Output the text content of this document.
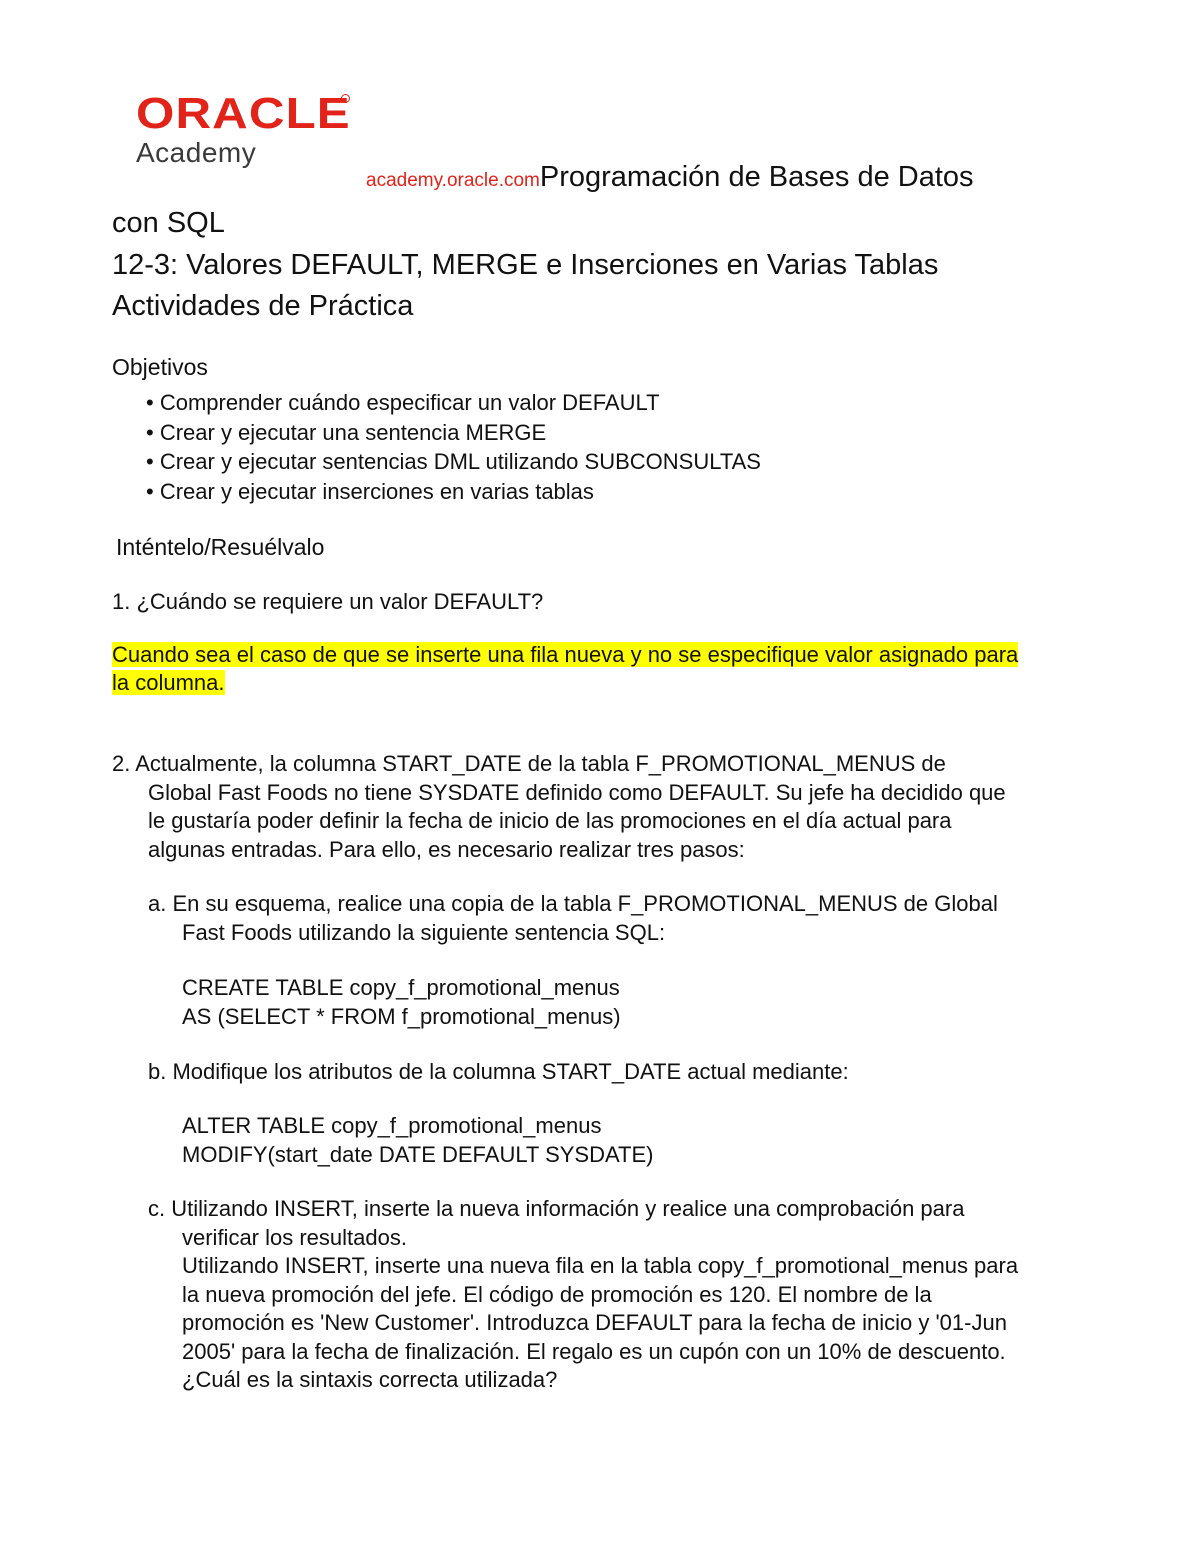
ORACLE
Academy
academy.oracle.comProgramación de Bases de Datos
con SQL
12-3: Valores DEFAULT, MERGE e Inserciones en Varias Tablas
Actividades de Práctica
Objetivos
• Comprender cuándo especificar un valor DEFAULT
• Crear y ejecutar una sentencia MERGE
• Crear y ejecutar sentencias DML utilizando SUBCONSULTAS
• Crear y ejecutar inserciones en varias tablas
Inténtelo/Resuélvalo
1. ¿Cuándo se requiere un valor DEFAULT?
Cuando sea el caso de que se inserte una fila nueva y no se especifique valor asignado para
la columna.
2. Actualmente, la columna START_DATE de la tabla F_PROMOTIONAL_MENUS de
Global Fast Foods no tiene SYSDATE definido como DEFAULT. Su jefe ha decidido que
le gustaría poder definir la fecha de inicio de las promociones en el día actual para
algunas entradas. Para ello, es necesario realizar tres pasos:
a. En su esquema, realice una copia de la tabla F_PROMOTIONAL_MENUS de Global
Fast Foods utilizando la siguiente sentencia SQL:
CREATE TABLE copy_f_promotional_menus
AS (SELECT * FROM f_promotional_menus)
b. Modifique los atributos de la columna START_DATE actual mediante:
ALTER TABLE copy_f_promotional_menus
MODIFY(start_date DATE DEFAULT SYSDATE)
c. Utilizando INSERT, inserte la nueva información y realice una comprobación para
verificar los resultados.
Utilizando INSERT, inserte una nueva fila en la tabla copy_f_promotional_menus para
la nueva promoción del jefe. El código de promoción es 120. El nombre de la
promoción es 'New Customer'. Introduzca DEFAULT para la fecha de inicio y '01-Jun
2005' para la fecha de finalización. El regalo es un cupón con un 10% de descuento.
¿Cuál es la sintaxis correcta utilizada?
